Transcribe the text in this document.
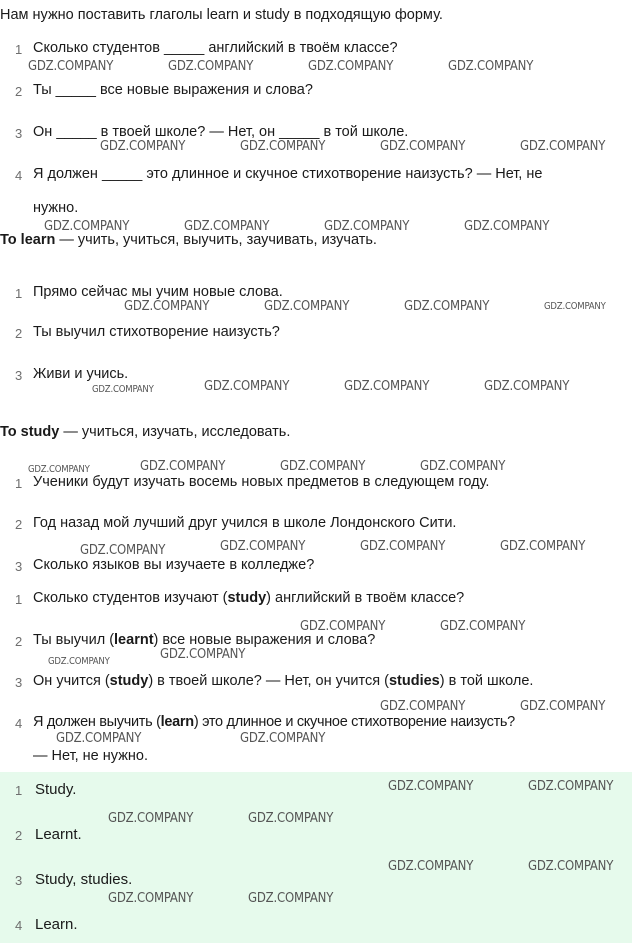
Нам нужно поставить глаголы learn и study в подходящую форму.
1 Сколько студентов _____ английский в твоём классе?
2 Ты _____ все новые выражения и слова?
3 Он _____ в твоей школе? — Нет, он _____ в той школе.
4 Я должен _____ это длинное и скучное стихотворение наизусть? — Нет, не
нужно.
To learn — учить, учиться, выучить, заучивать, изучать.
1 Прямо сейчас мы учим новые слова.
2 Ты выучил стихотворение наизусть?
3 Живи и учись.
To study — учиться, изучать, исследовать.
1 Ученики будут изучать восемь новых предметов в следующем году.
2 Год назад мой лучший друг учился в школе Лондонского Сити.
3 Сколько языков вы изучаете в колледже?
1 Сколько студентов изучают (study) английский в твоём классе?
2 Ты выучил (learnt) все новые выражения и слова?
3 Он учится (study) в твоей школе? — Нет, он учится (studies) в той школе.
4 Я должен выучить (learn) это длинное и скучное стихотворение наизусть?
— Нет, не нужно.
1 Study.
2 Learnt.
3 Study, studies.
4 Learn.
GDZ.COMPANY	GDZ.COMPANY	GDZ.COMPANY	GDZ.COMPANY
GDZ.COMPANY	GDZ.COMPANY	GDZ.COMPANY	GDZ.COMPANY
GDZ.COMPANY	GDZ.COMPANY	GDZ.COMPANY	GDZ.COMPANY
GDZ.COMPANY	GDZ.COMPANY	GDZ.COMPANY	GDZ.COMPANY
GDZ.COMPANY	GDZ.COMPANY	GDZ.COMPANY	GDZ.COMPANY
GDZ.COMPANY	GDZ.COMPANY	GDZ.COMPANY	GDZ.COMPANY
GDZ.COMPANY	GDZ.COMPANY	GDZ.COMPANY	GDZ.COMPANY
GDZ.COMPANY	GDZ.COMPANY
GDZ.COMPANY	GDZ.COMPANY
GDZ.COMPANY	GDZ.COMPANY
GDZ.COMPANY	GDZ.COMPANY
GDZ.COMPANY	GDZ.COMPANY
GDZ.COMPANY	GDZ.COMPANY
GDZ.COMPANY	GDZ.COMPANY
GDZ.COMPANY	GDZ.COMPANY
